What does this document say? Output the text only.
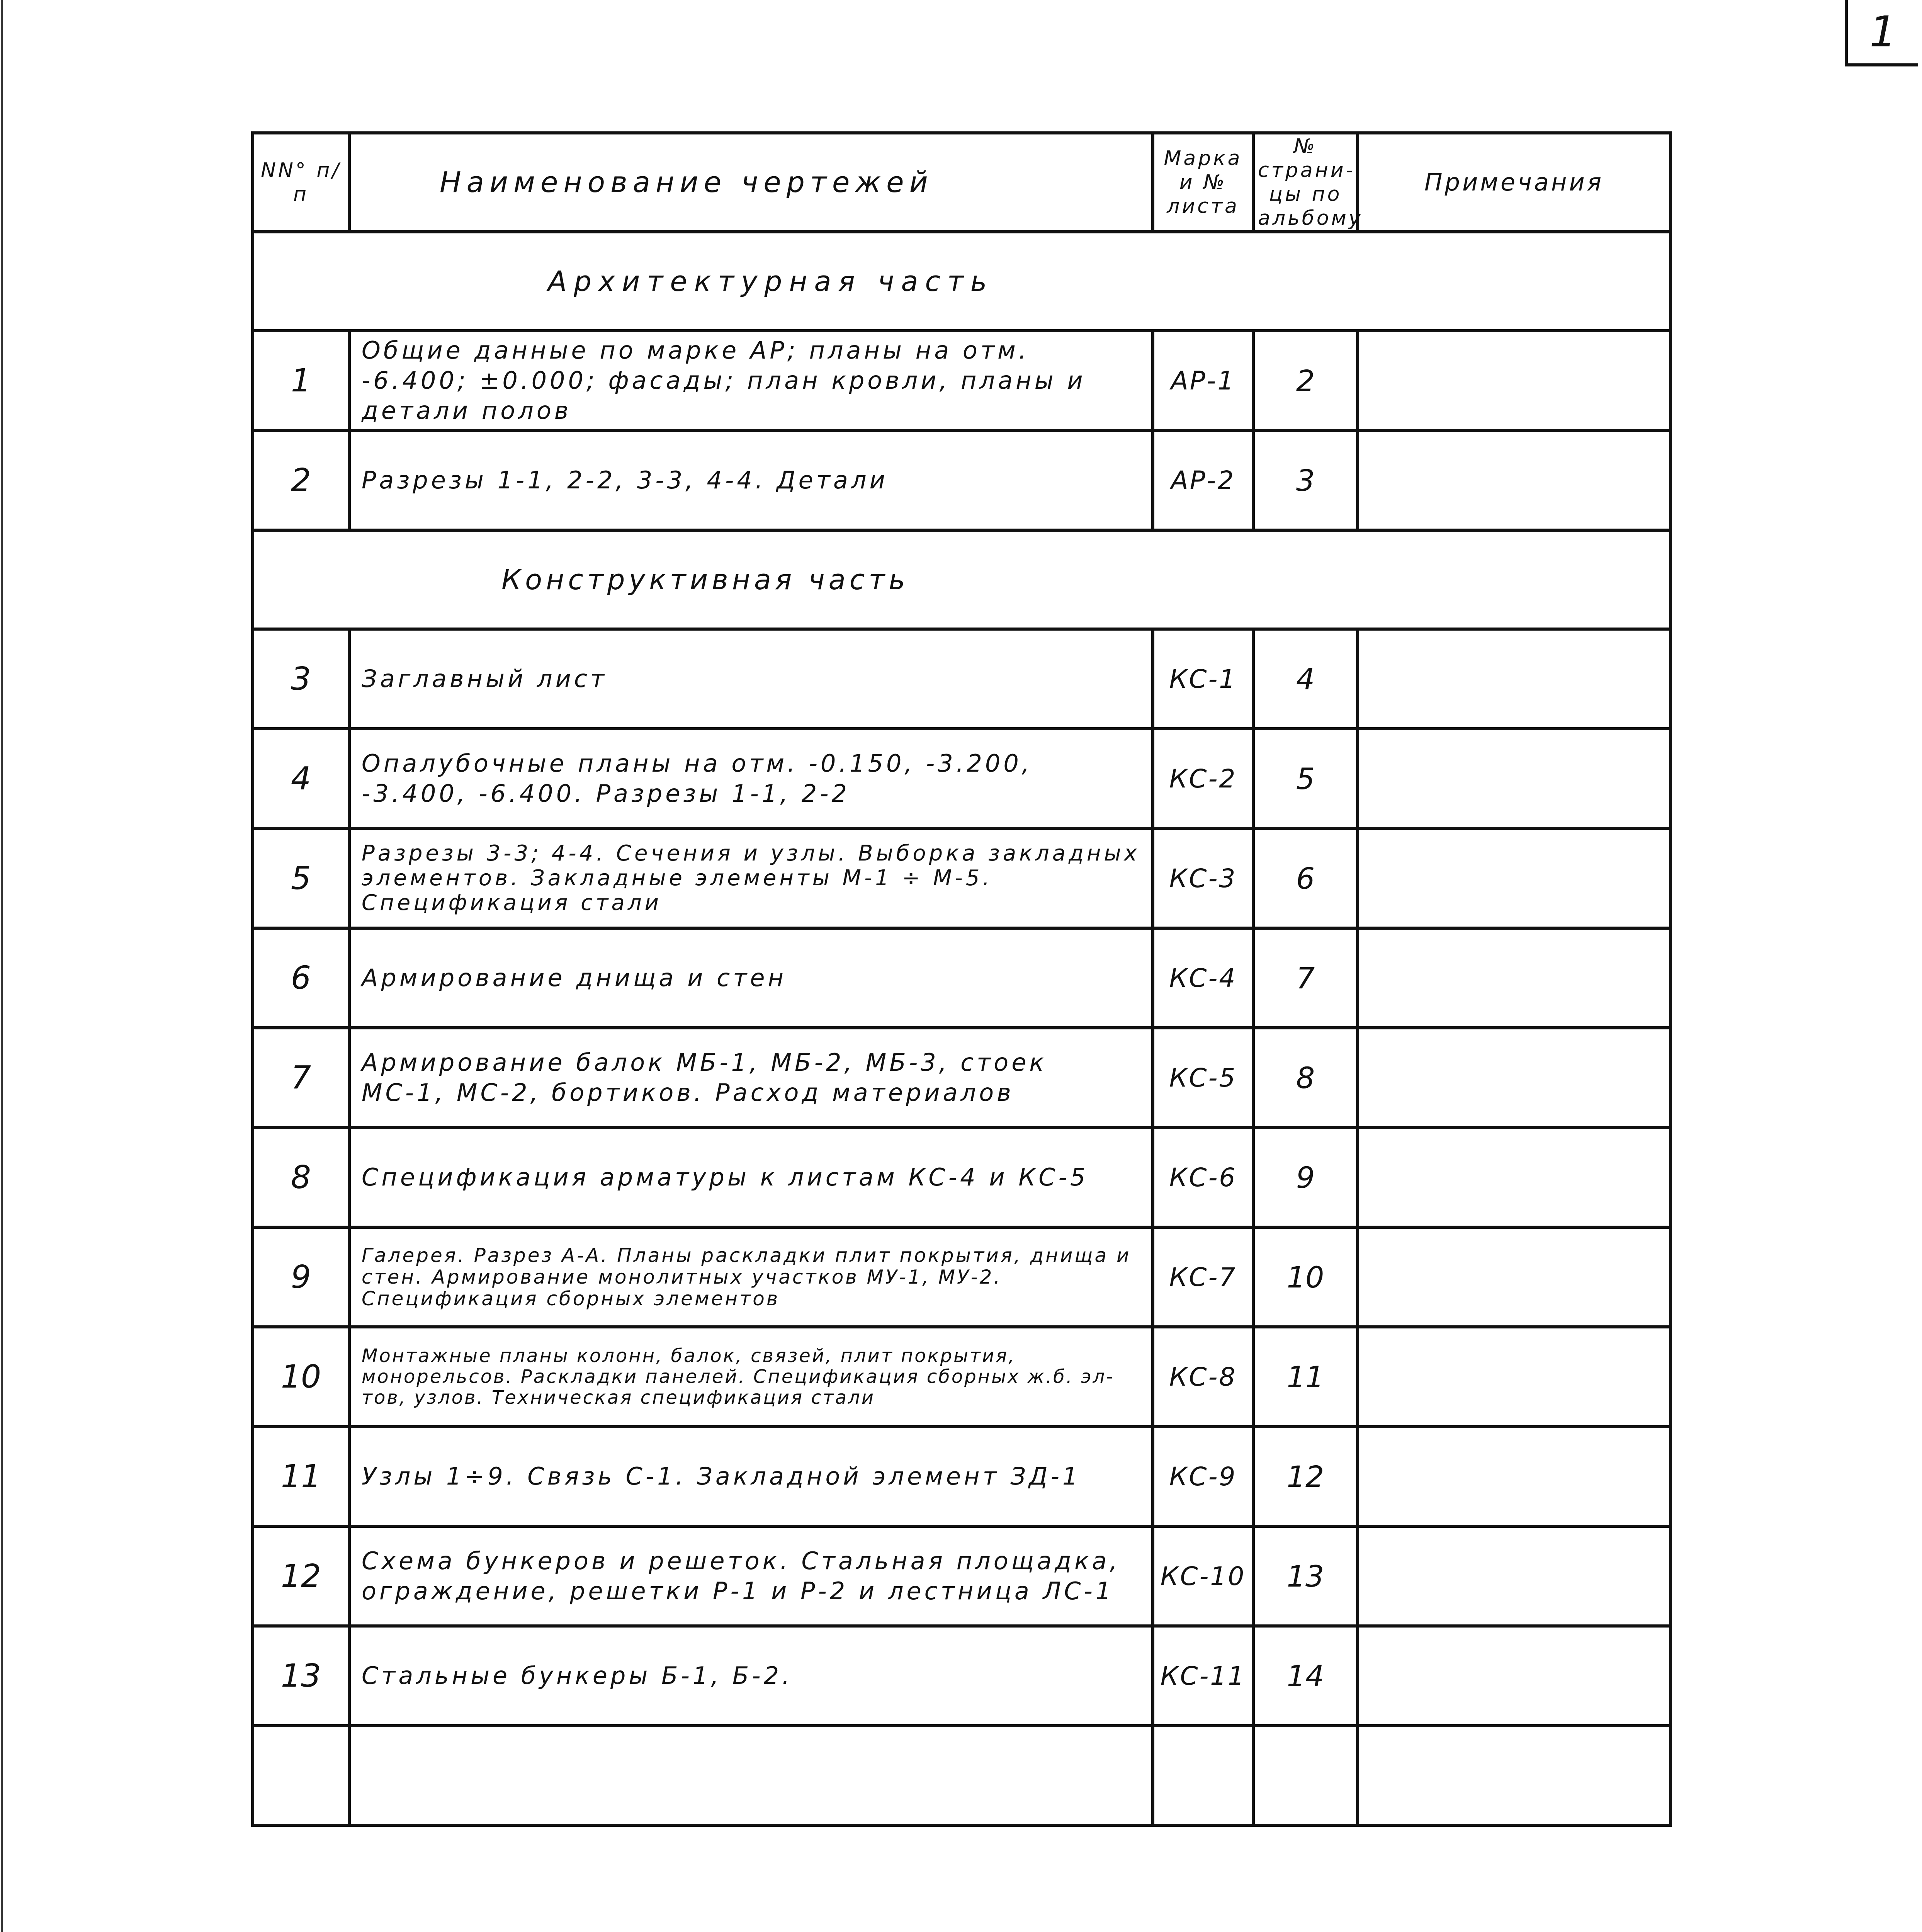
1
NN° п/п	Наименование чертежей	Марка и № листа	№ страни-цы по альбому	Примечания
Архитектурная часть				
1	Общие данные по марке АР; планы на отм. -6.400; ±0.000; фасады; план кровли, планы и детали полов	АР-1	2	
2	Разрезы 1-1, 2-2, 3-3, 4-4. Детали	АР-2	3	
Конструктивная часть				
3	Заглавный лист	КС-1	4	
4	Опалубочные планы на отм. -0.150, -3.200, -3.400, -6.400. Разрезы 1-1, 2-2	КС-2	5	
5	Разрезы 3-3; 4-4. Сечения и узлы. Выборка закладных элементов. Закладные элементы М-1 ÷ М-5. Спецификация стали	КС-3	6	
6	Армирование днища и стен	КС-4	7	
7	Армирование балок МБ-1, МБ-2, МБ-3, стоек МС-1, МС-2, бортиков. Расход материалов	КС-5	8	
8	Спецификация арматуры к листам КС-4 и КС-5	КС-6	9	
9	Галерея. Разрез А-А. Планы раскладки плит покрытия, днища и стен. Армирование монолитных участков МУ-1, МУ-2. Спецификация сборных элементов	КС-7	10	
10	Монтажные планы колонн, балок, связей, плит покрытия, монорельсов. Раскладки панелей. Спецификация сборных ж.б. эл-тов, узлов. Техническая спецификация стали	КС-8	11	
11	Узлы 1÷9. Связь С-1. Закладной элемент ЗД-1	КС-9	12	
12	Схема бункеров и решеток. Стальная площадка, ограждение, решетки Р-1 и Р-2 и лестница ЛС-1	КС-10	13	
13	Стальные бункеры Б-1, Б-2.	КС-11	14	
